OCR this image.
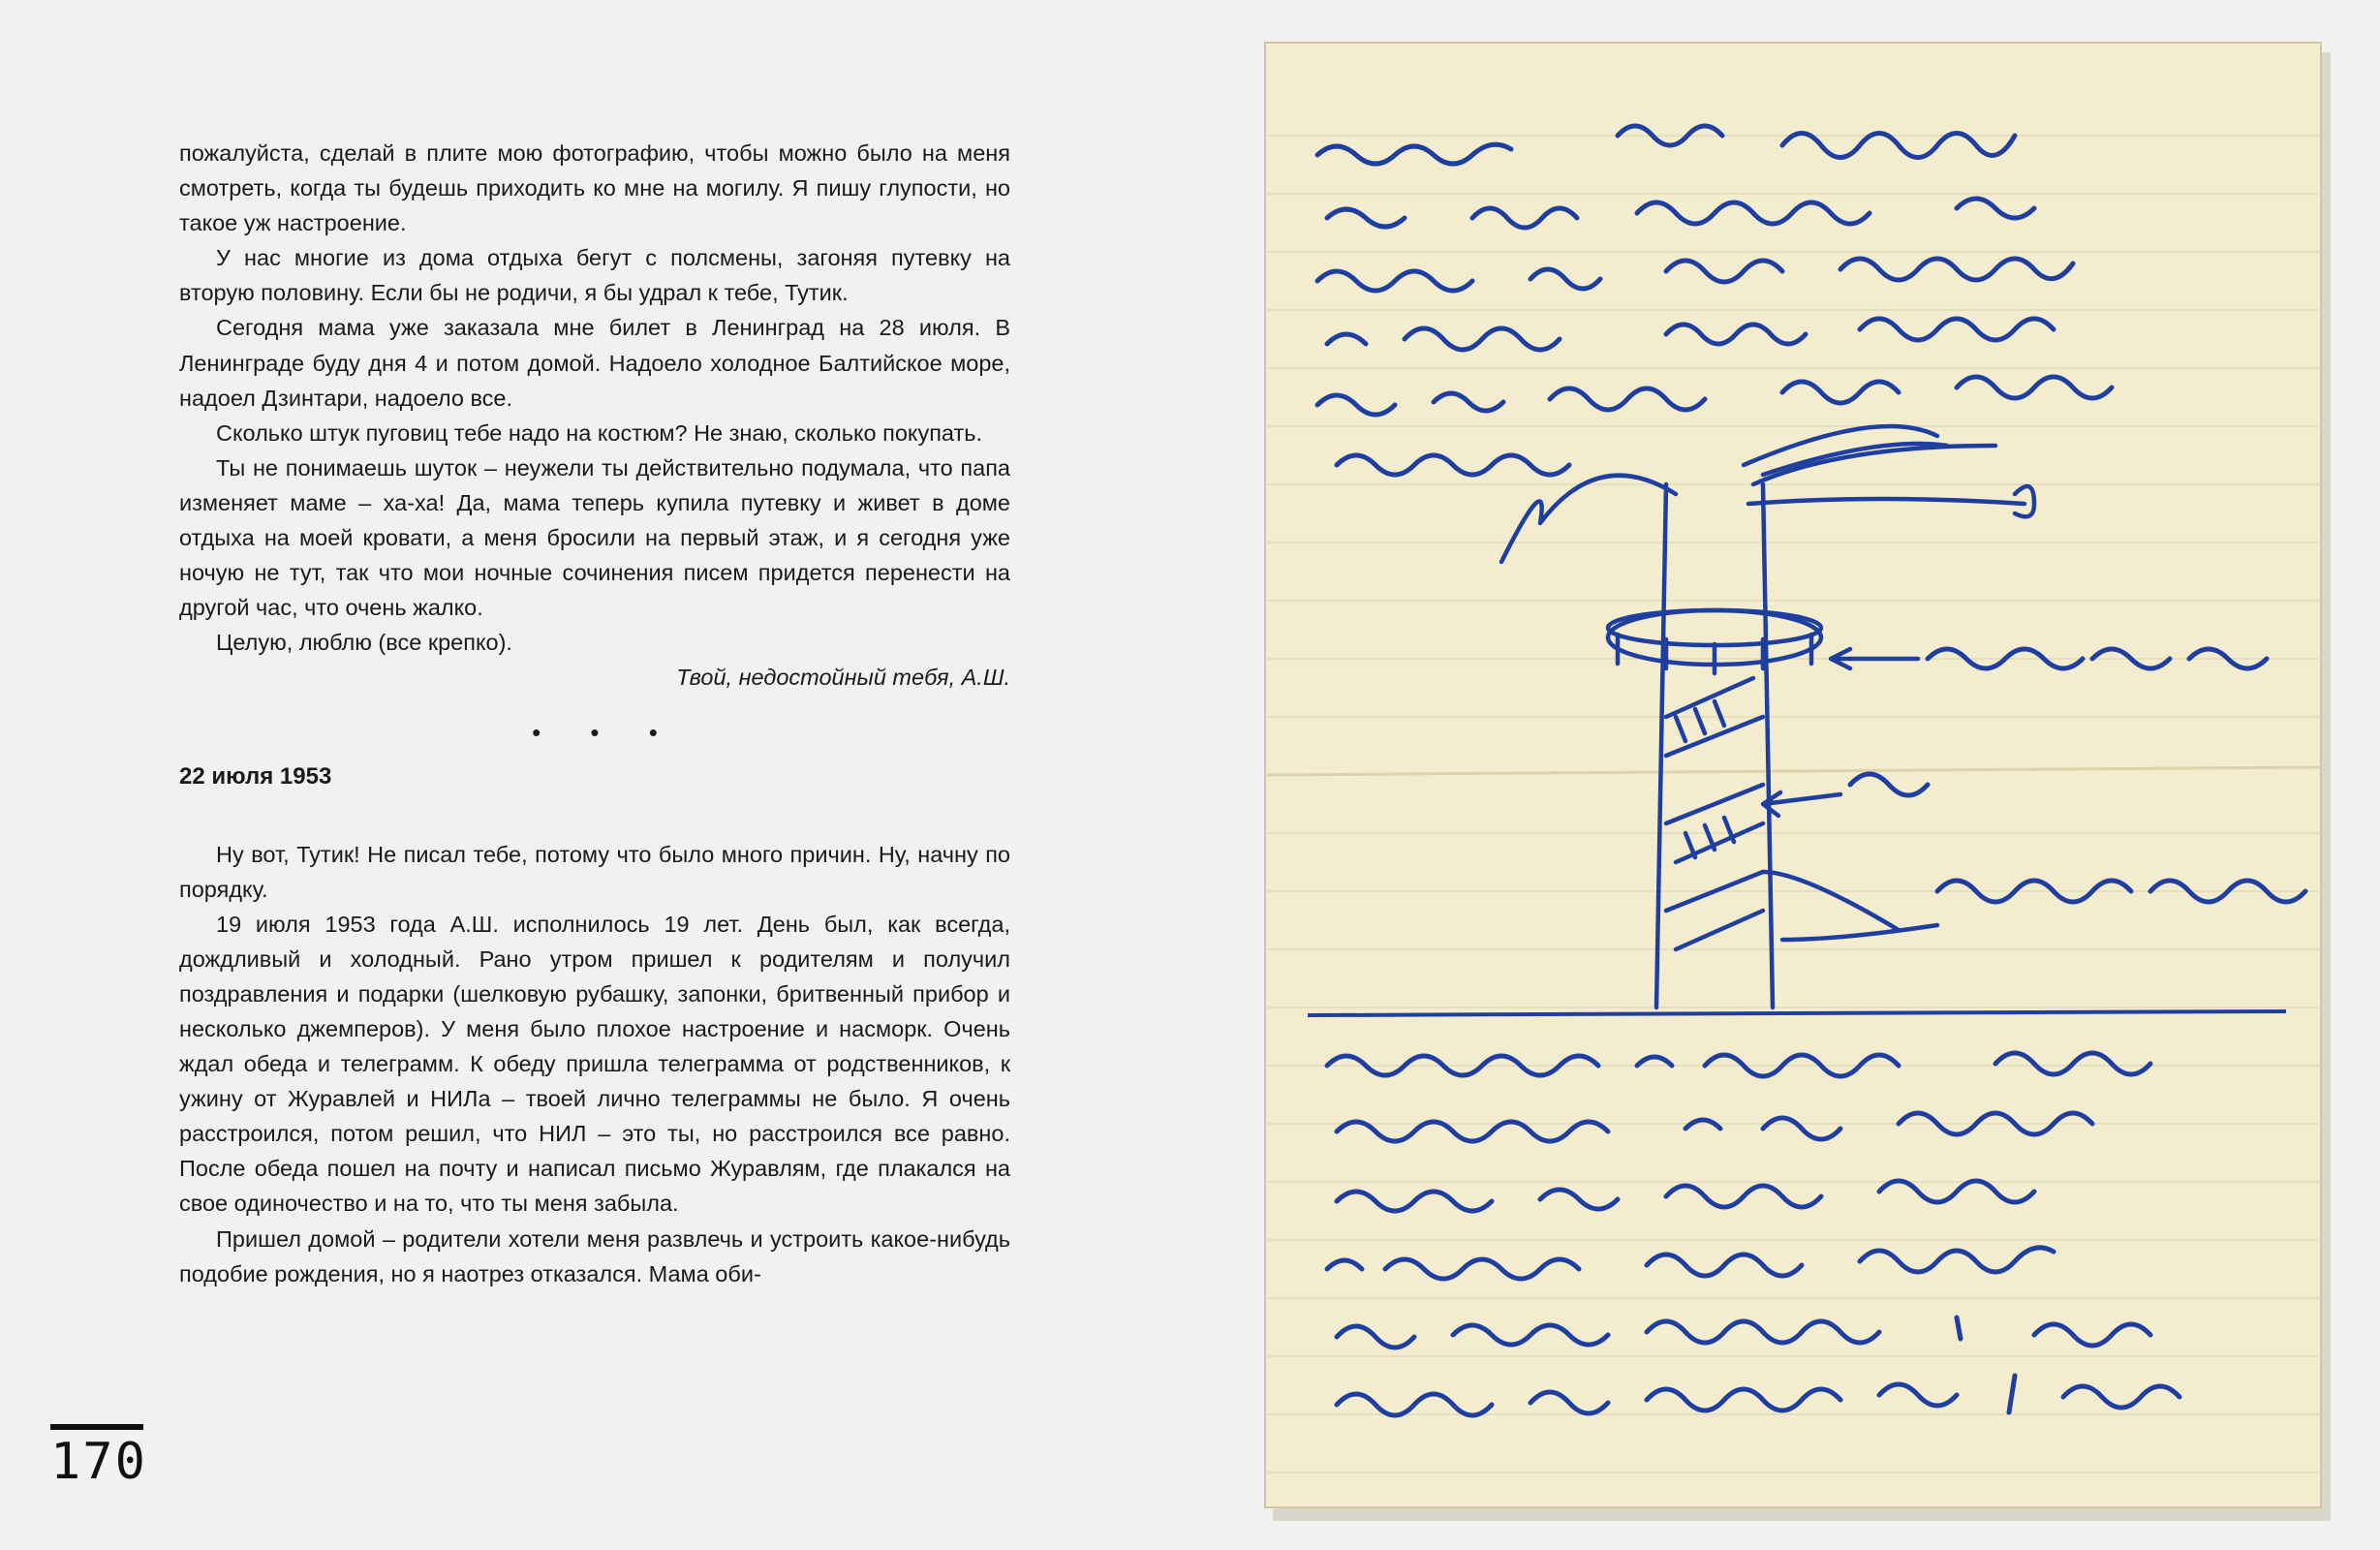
пожалуйста, сделай в плите мою фотографию, чтобы можно было на меня смотреть, когда ты будешь приходить ко мне на могилу. Я пишу глупости, но такое уж настроение.

У нас многие из дома отдыха бегут с полсмены, загоняя путевку на вторую половину. Если бы не родичи, я бы удрал к тебе, Тутик.

Сегодня мама уже заказала мне билет в Ленинград на 28 июля. В Ленинграде буду дня 4 и потом домой. Надоело холодное Балтийское море, надоел Дзинтари, надоело все.

Сколько штук пуговиц тебе надо на костюм? Не знаю, сколько покупать.

Ты не понимаешь шуток – неужели ты действительно подумала, что папа изменяет маме – ха-ха! Да, мама теперь купила путевку и живет в доме отдыха на моей кровати, а меня бросили на первый этаж, и я сегодня уже ночую не тут, так что мои ночные сочинения писем придется перенести на другой час, что очень жалко.

Целую, люблю (все крепко).

Твой, недостойный тебя, А.Ш.

• • •
22 июля 1953

Ну вот, Тутик! Не писал тебе, потому что было много причин. Ну, начну по порядку.

19 июля 1953 года А.Ш. исполнилось 19 лет. День был, как всегда, дождливый и холодный. Рано утром пришел к родителям и получил поздравления и подарки (шелковую рубашку, запонки, бритвенный прибор и несколько джемперов). У меня было плохое настроение и насморк. Очень ждал обеда и телеграмм. К обеду пришла телеграмма от родственников, к ужину от Журавлей и НИЛа – твоей лично телеграммы не было. Я очень расстроился, потом решил, что НИЛ – это ты, но расстроился все равно. После обеда пошел на почту и написал письмо Журавлям, где плакался на свое одиночество и на то, что ты меня забыла.

Пришел домой – родители хотели меня развлечь и устроить какое-нибудь подобие рождения, но я наотрез отказался. Мама оби-

170
